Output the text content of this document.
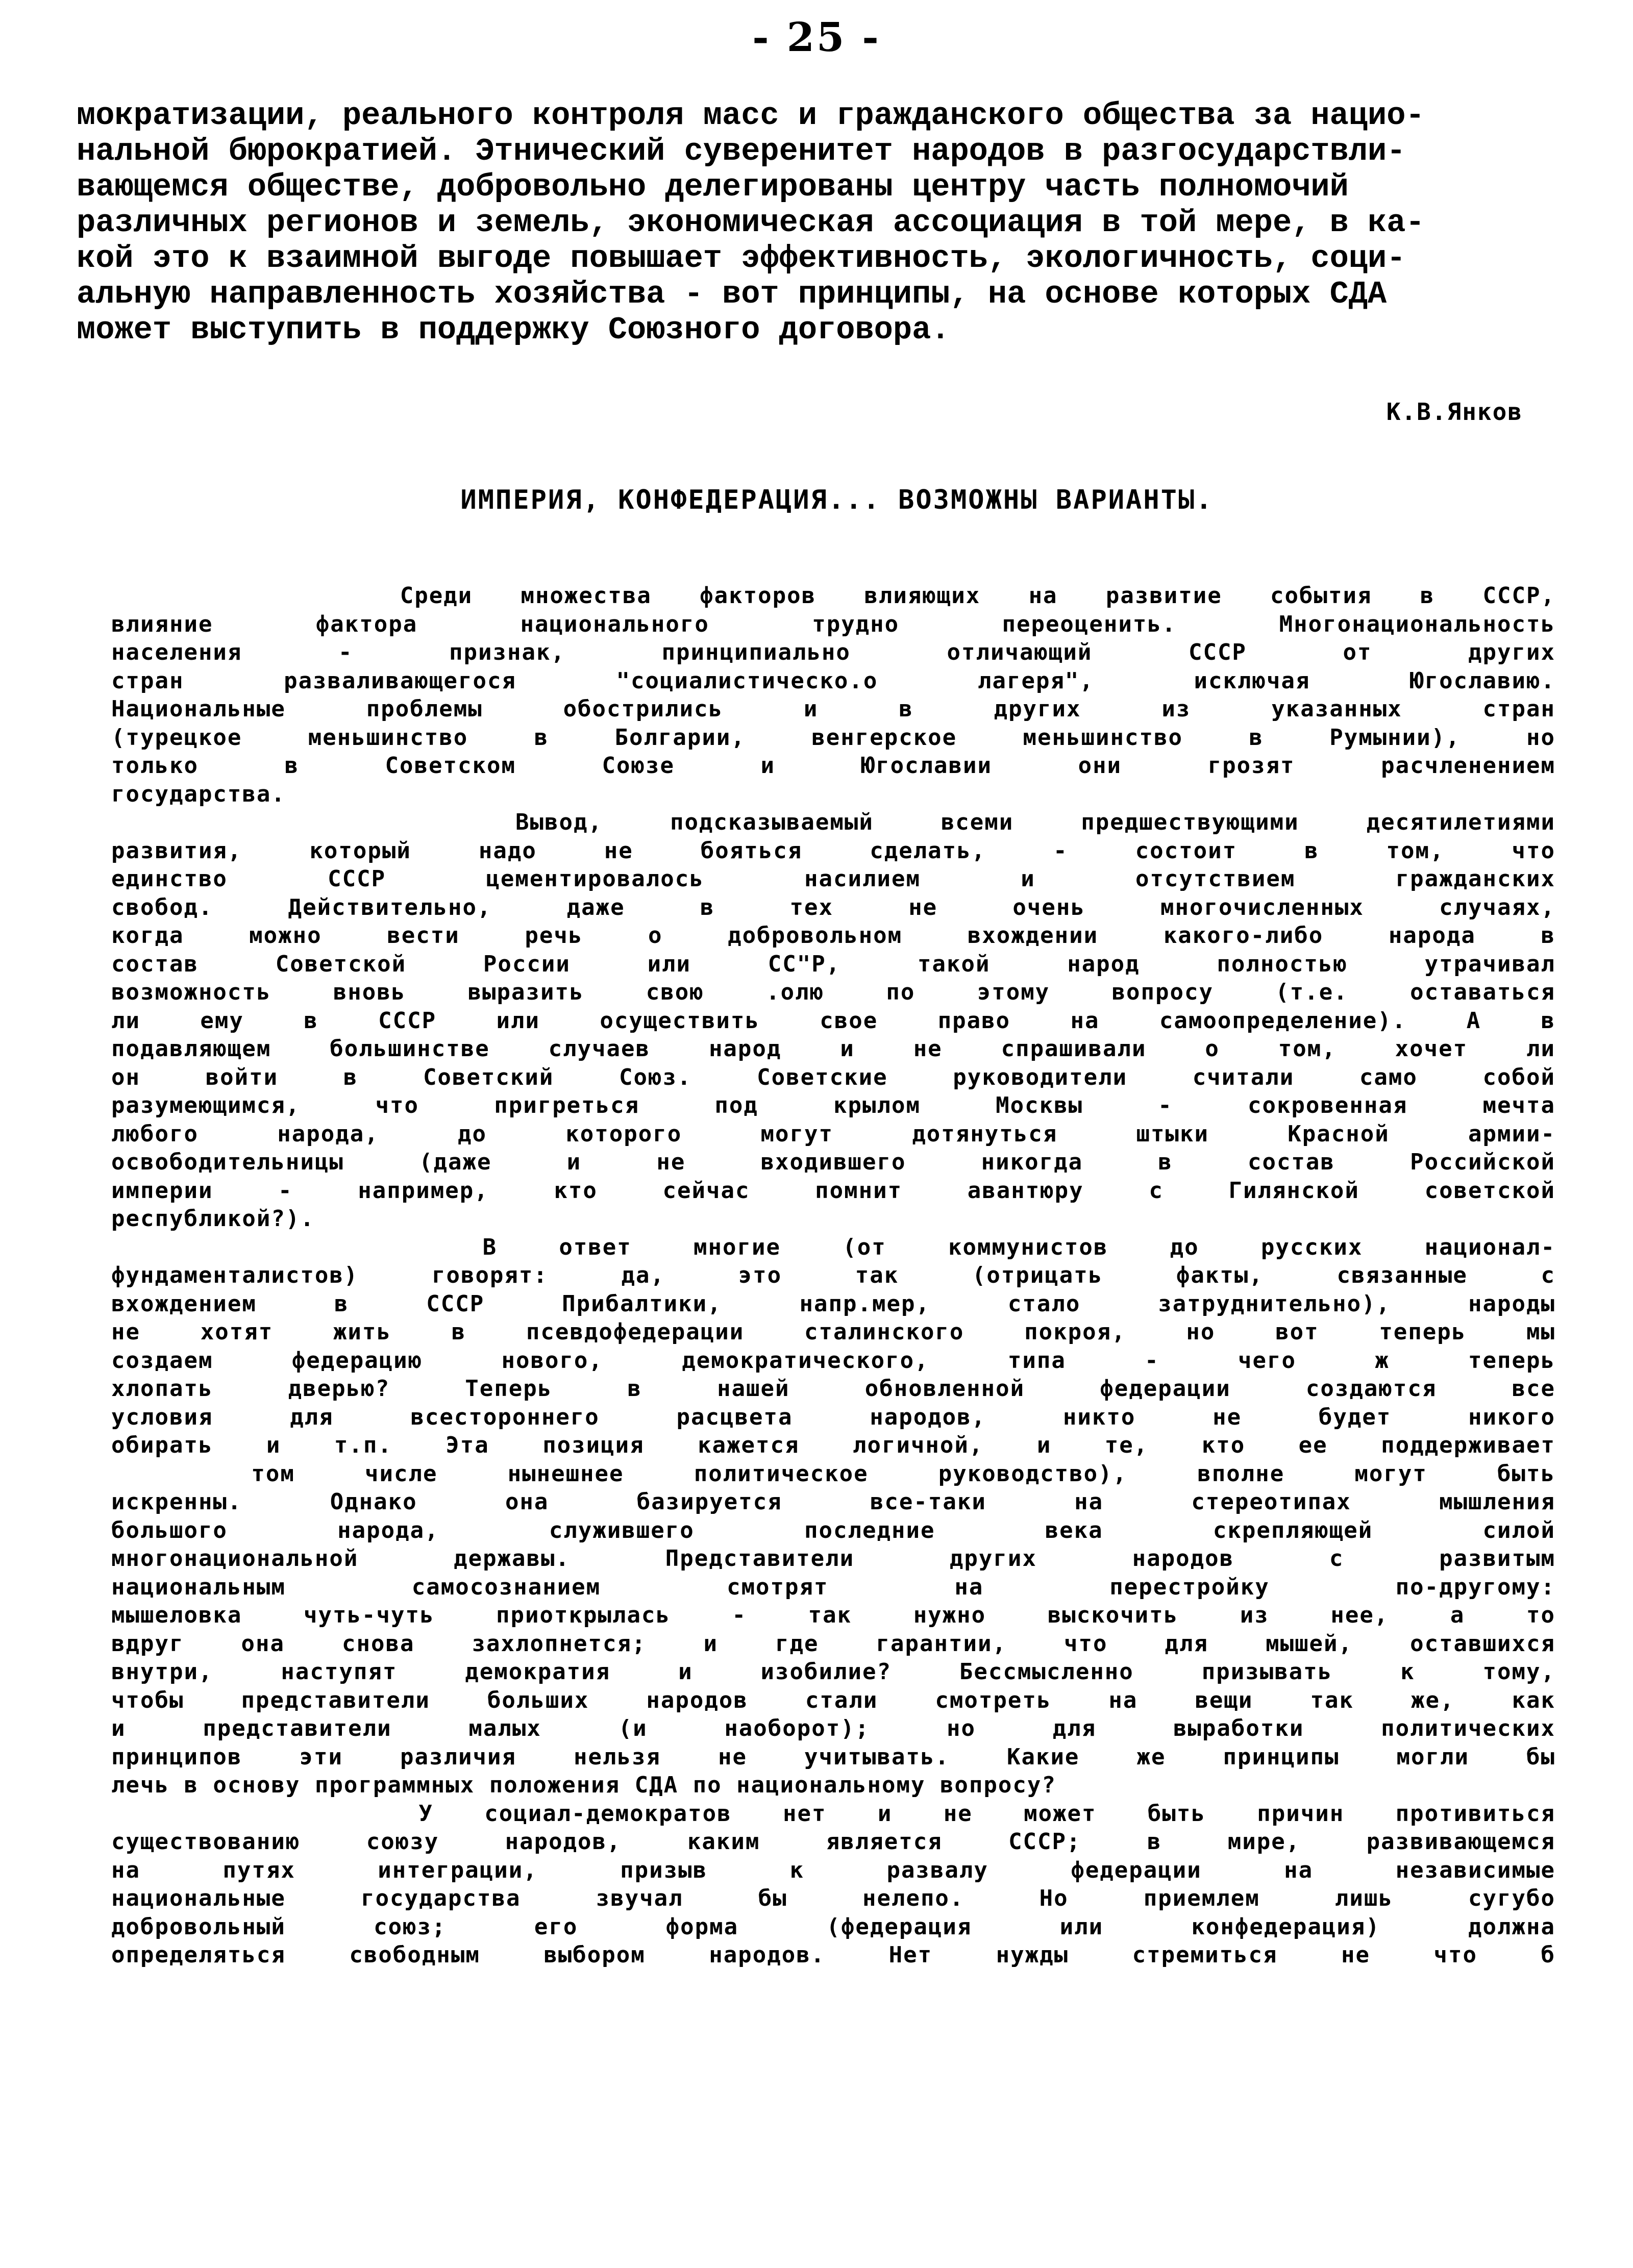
- 25 -
мократизации, реального контроля масс и гражданского общества за нацио-
нальной бюрократией. Этнический суверенитет народов в разгосударствли-
вающемся обществе, добровольно делегированы центру часть полномочий
различных регионов и земель, экономическая ассоциация в той мере, в ка-
кой это к взаимной выгоде повышает эффективность, экологичность, соци-
альную направленность хозяйства - вот принципы, на основе которых СДА
может выступить в поддержку Союзного договора.
К.В.Янков
ИМПЕРИЯ, КОНФЕДЕРАЦИЯ... ВОЗМОЖНЫ ВАРИАНТЫ.
Среди множества факторов влияющих на развитие события в СССР,
влияние фактора национального трудно переоценить. Многонациональность
населения - признак, принципиально отличающий СССР от других
стран разваливающегося "социалистическо.о лагеря", исключая Югославию.
Национальные проблемы обострились и в других из указанных стран
(турецкое меньшинство в Болгарии, венгерское меньшинство в Румынии), но
только в Советском Союзе и Югославии они грозят расчленением
государства.
Вывод, подсказываемый всеми предшествующими десятилетиями
развития, который надо не бояться сделать, - состоит в том, что
единство СССР цементировалось насилием и отсутствием гражданских
свобод. Действительно, даже в тех не очень многочисленных случаях,
когда можно вести речь о добровольном вхождении какого-либо народа в
состав Советской России или СС"Р, такой народ полностью утрачивал
возможность вновь выразить свою .олю по этому вопросу (т.е. оставаться
ли ему в СССР или осуществить свое право на самоопределение). А в
подавляющем большинстве случаев народ и не спрашивали о том, хочет ли
он войти в Советский Союз. Советские руководители считали само собой
разумеющимся, что пригреться под крылом Москвы - сокровенная мечта
любого народа, до которого могут дотянуться штыки Красной армии-
освободительницы (даже и не входившего никогда в состав Российской
империи - например, кто сейчас помнит авантюру с Гилянской советской
республикой?).
В ответ многие (от коммунистов до русских национал-
фундаменталистов) говорят: да, это так (отрицать факты, связанные с
вхождением в СССР Прибалтики, напр.мер, стало затруднительно), народы
не хотят жить в псевдофедерации сталинского покроя, но вот теперь мы
создаем федерацию нового, демократического, типа - чего ж теперь
хлопать дверью? Теперь в нашей обновленной федерации создаются все
условия для всестороннего расцвета народов, никто не будет никого
обирать и т.п. Эта позиция кажется логичной, и те, кто ее поддерживает
том числе нынешнее политическое руководство), вполне могут быть
искренны. Однако она базируется все-таки на стереотипах мышления
большого народа, служившего последние века скрепляющей силой
многонациональной державы. Представители других народов с развитым
национальным самосознанием смотрят на перестройку по-другому:
мышеловка чуть-чуть приоткрылась - так нужно выскочить из нее, а то
вдруг она снова захлопнется; и где гарантии, что для мышей, оставшихся
внутри, наступят демократия и изобилие? Бессмысленно призывать к тому,
чтобы представители больших народов стали смотреть на вещи так же, как
и представители малых (и наоборот); но для выработки политических
принципов эти различия нельзя не учитывать. Какие же принципы могли бы
лечь в основу программных положения СДА по национальному вопросу?
У социал-демократов нет и не может быть причин противиться
существованию союзу народов, каким является СССР; в мире, развивающемся
на путях интеграции, призыв к развалу федерации на независимые
национальные государства звучал бы нелепо. Но приемлем лишь сугубо
добровольный союз; его форма (федерация или конфедерация) должна
определяться свободным выбором народов. Нет нужды стремиться не что б
